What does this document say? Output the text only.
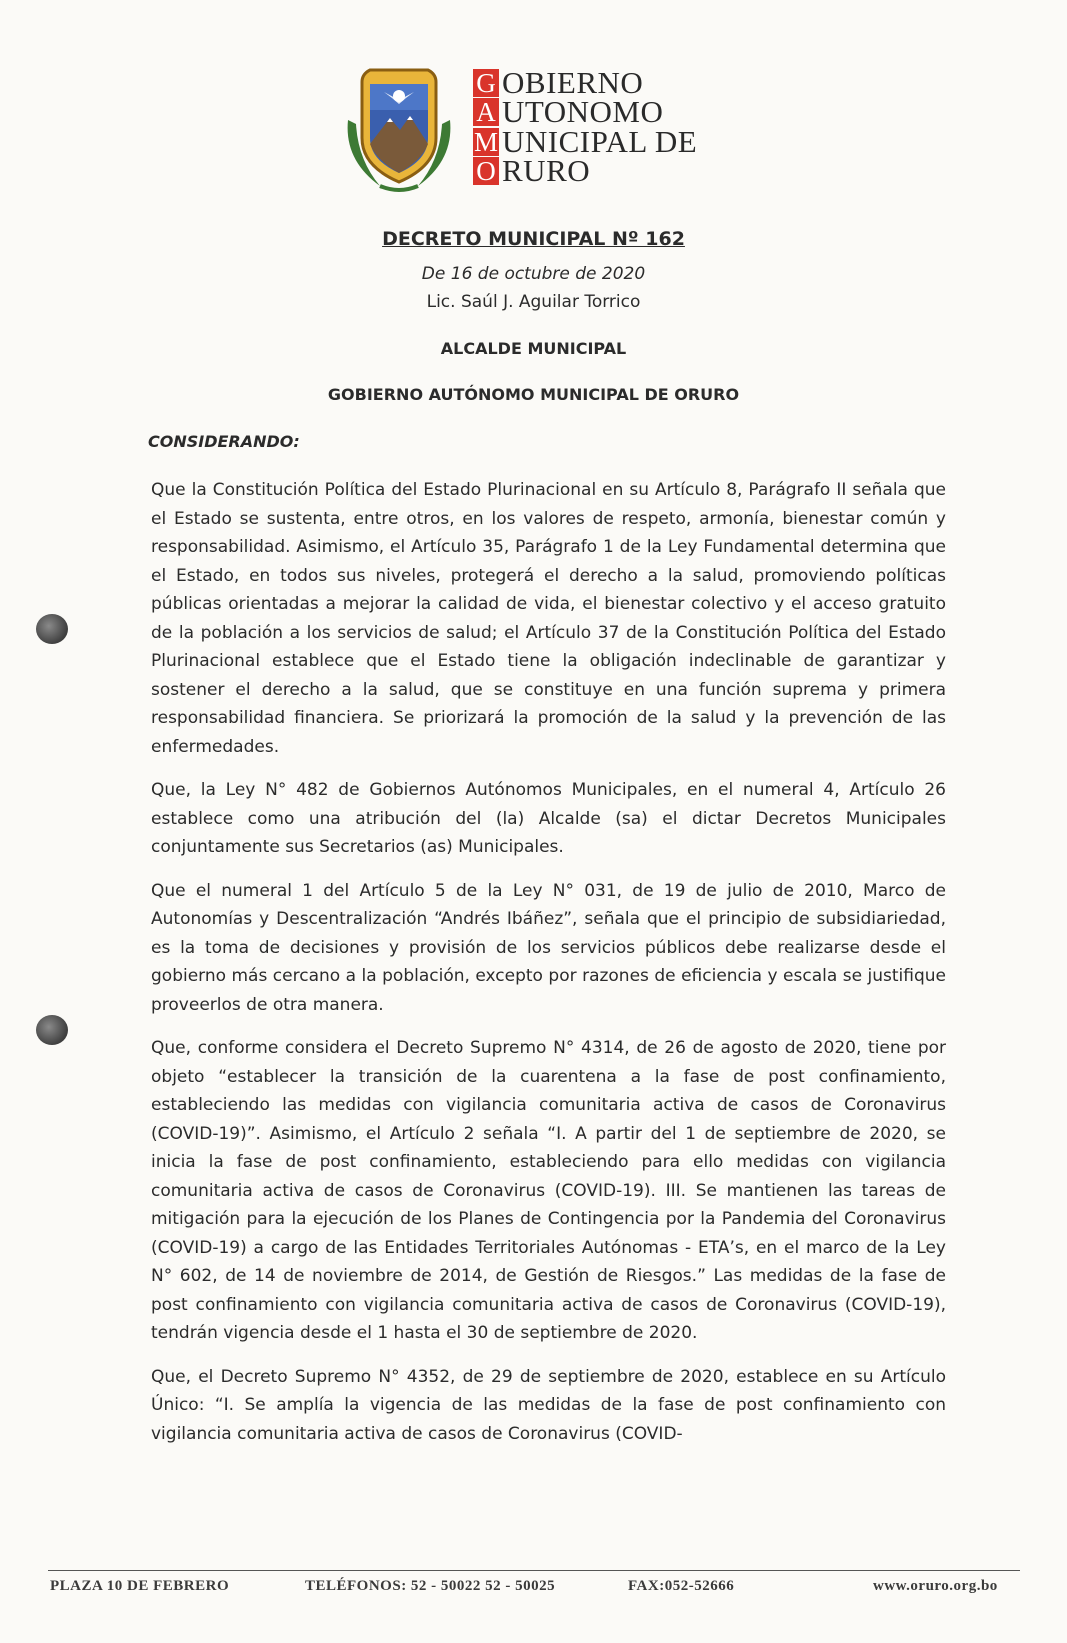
G OBIERNO
A UTONOMO
M UNICIPAL DE
O RURO
DECRETO MUNICIPAL Nº 162
De 16 de octubre de 2020
Lic. Saúl J. Aguilar Torrico
ALCALDE MUNICIPAL
GOBIERNO AUTÓNOMO MUNICIPAL DE ORURO
CONSIDERANDO:

Que la Constitución Política del Estado Plurinacional en su Artículo 8, Parágrafo II señala que el Estado se sustenta, entre otros, en los valores de respeto, armonía, bienestar común y responsabilidad. Asimismo, el Artículo 35, Parágrafo 1 de la Ley Fundamental determina que el Estado, en todos sus niveles, protegerá el derecho a la salud, promoviendo políticas públicas orientadas a mejorar la calidad de vida, el bienestar colectivo y el acceso gratuito de la población a los servicios de salud; el Artículo 37 de la Constitución Política del Estado Plurinacional establece que el Estado tiene la obligación indeclinable de garantizar y sostener el derecho a la salud, que se constituye en una función suprema y primera responsabilidad financiera. Se priorizará la promoción de la salud y la prevención de las enfermedades.

Que, la Ley N° 482 de Gobiernos Autónomos Municipales, en el numeral 4, Artículo 26 establece como una atribución del (la) Alcalde (sa) el dictar Decretos Municipales conjuntamente sus Secretarios (as) Municipales.

Que el numeral 1 del Artículo 5 de la Ley N° 031, de 19 de julio de 2010, Marco de Autonomías y Descentralización “Andrés Ibáñez”, señala que el principio de subsidiariedad, es la toma de decisiones y provisión de los servicios públicos debe realizarse desde el gobierno más cercano a la población, excepto por razones de eficiencia y escala se justifique proveerlos de otra manera.

Que, conforme considera el Decreto Supremo N° 4314, de 26 de agosto de 2020, tiene por objeto “establecer la transición de la cuarentena a la fase de post confinamiento, estableciendo las medidas con vigilancia comunitaria activa de casos de Coronavirus (COVID-19)”. Asimismo, el Artículo 2 señala “I. A partir del 1 de septiembre de 2020, se inicia la fase de post confinamiento, estableciendo para ello medidas con vigilancia comunitaria activa de casos de Coronavirus (COVID-19). III. Se mantienen las tareas de mitigación para la ejecución de los Planes de Contingencia por la Pandemia del Coronavirus (COVID-19) a cargo de las Entidades Territoriales Autónomas - ETA’s, en el marco de la Ley N° 602, de 14 de noviembre de 2014, de Gestión de Riesgos.” Las medidas de la fase de post confinamiento con vigilancia comunitaria activa de casos de Coronavirus (COVID-19), tendrán vigencia desde el 1 hasta el 30 de septiembre de 2020.

Que, el Decreto Supremo N° 4352, de 29 de septiembre de 2020, establece en su Artículo Único: “I. Se amplía la vigencia de las medidas de la fase de post confinamiento con vigilancia comunitaria activa de casos de Coronavirus (COVID-

PLAZA 10 DE FEBRERO	TELÉFONOS: 52 - 50022 52 - 50025	FAX:052-52666	www.oruro.org.bo
